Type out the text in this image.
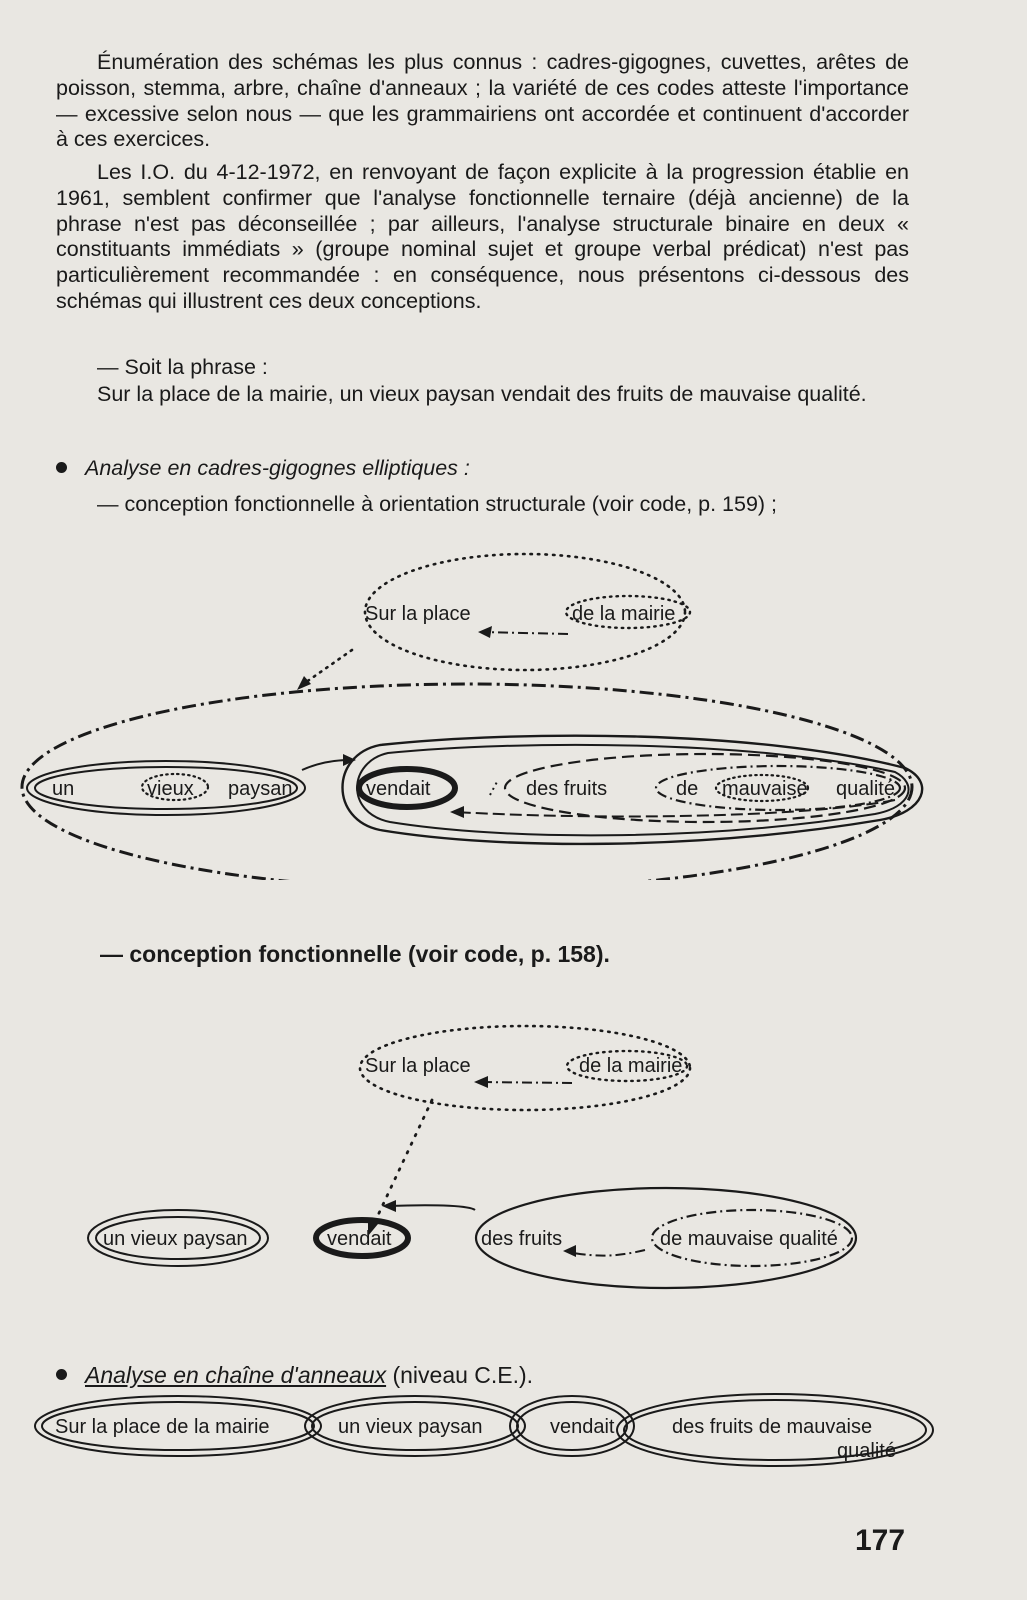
Énumération des schémas les plus connus : cadres-gigognes, cuvettes, arêtes de poisson, stemma, arbre, chaîne d'anneaux ; la variété de ces codes atteste l'importance — excessive selon nous — que les grammairiens ont accordée et continuent d'accorder à ces exercices.

Les I.O. du 4-12-1972, en renvoyant de façon explicite à la progression établie en 1961, semblent confirmer que l'analyse fonctionnelle ternaire (déjà ancienne) de la phrase n'est pas déconseillée ; par ailleurs, l'analyse structurale binaire en deux « constituants immédiats » (groupe nominal sujet et groupe verbal prédicat) n'est pas particulièrement recommandée : en conséquence, nous présentons ci-dessous des schémas qui illustrent ces deux conceptions.

— Soit la phrase :

Sur la place de la mairie, un vieux paysan vendait des fruits de mauvaise qualité.

Analyse en cadres-gigognes elliptiques :

— conception fonctionnelle à orientation structurale (voir code, p. 159) ;

Sur la place	de la mairie
un	vieux paysan	vendait	des fruits	de mauvaise qualité

— conception fonctionnelle (voir code, p. 158).

Sur la place	de la mairie
un vieux paysan	vendait	des fruits	de mauvaise qualité
Analyse en chaîne d'anneaux (niveau C.E.).
Sur la place de la mairie	un vieux paysan	vendait	des fruits de mauvaise
qualité
177
